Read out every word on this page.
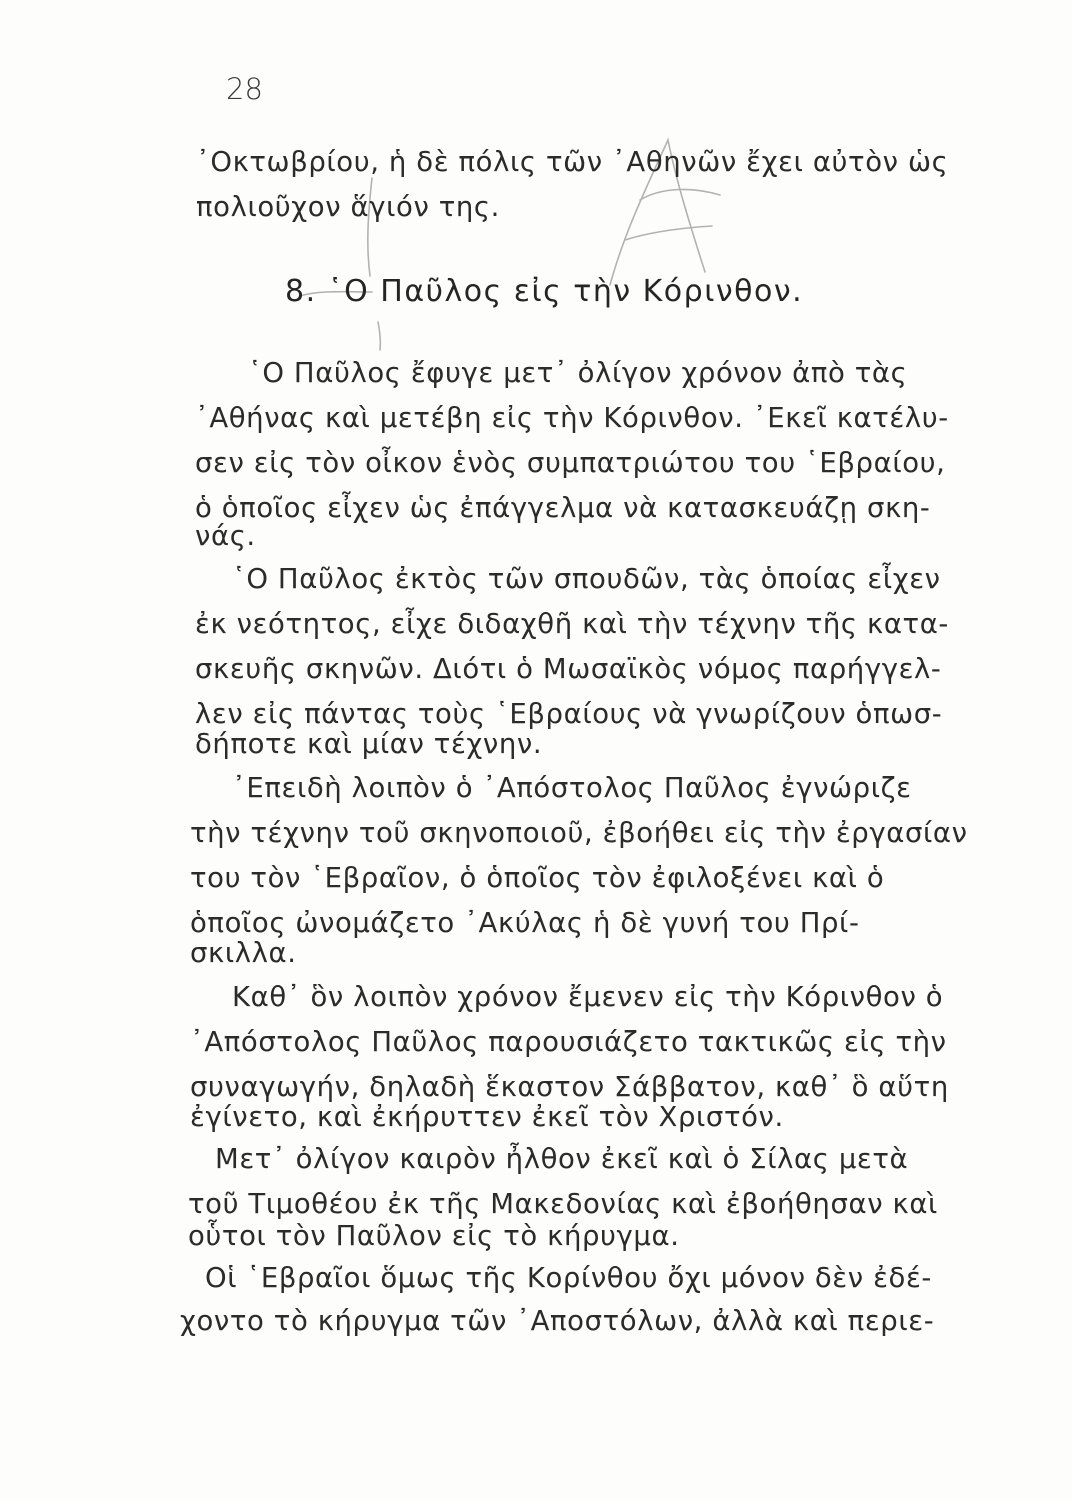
28
᾿Οκτωβρίου, ἡ δὲ πόλις τῶν ᾿Αθηνῶν ἔχει αὐτὸν ὡς
πολιοῦχον ἅγιόν της.
8. ῾Ο Παῦλος εἰς τὴν Κόρινθον.
῾Ο Παῦλος ἔφυγε μετ᾿ ὀλίγον χρόνον ἀπὸ τὰς
᾿Αθήνας καὶ μετέβη εἰς τὴν Κόρινθον. ᾿Εκεῖ κατέλυ-
σεν εἰς τὸν οἶκον ἑνὸς συμπατριώτου του ῾Εβραίου,
ὁ ὁποῖος εἶχεν ὡς ἐπάγγελμα νὰ κατασκευάζῃ σκη-
νάς.
῾Ο Παῦλος ἐκτὸς τῶν σπουδῶν, τὰς ὁποίας εἶχεν
ἐκ νεότητος, εἶχε διδαχθῆ καὶ τὴν τέχνην τῆς κατα-
σκευῆς σκηνῶν. Διότι ὁ Μωσαϊκὸς νόμος παρήγγελ-
λεν εἰς πάντας τοὺς ῾Εβραίους νὰ γνωρίζουν ὁπωσ-
δήποτε καὶ μίαν τέχνην.
᾿Επειδὴ λοιπὸν ὁ ᾿Απόστολος Παῦλος ἐγνώριζε
τὴν τέχνην τοῦ σκηνοποιοῦ, ἐβοήθει εἰς τὴν ἐργασίαν
του τὸν ῾Εβραῖον, ὁ ὁποῖος τὸν ἐφιλοξένει καὶ ὁ
ὁποῖος ὠνομάζετο ᾿Ακύλας ἡ δὲ γυνή του Πρί-
σκιλλα.
Καθ᾿ ὃν λοιπὸν χρόνον ἔμενεν εἰς τὴν Κόρινθον ὁ
᾿Απόστολος Παῦλος παρουσιάζετο τακτικῶς εἰς τὴν
συναγωγήν, δηλαδὴ ἕκαστον Σάββατον, καθ᾿ ὃ αὕτη
ἐγίνετο, καὶ ἐκήρυττεν ἐκεῖ τὸν Χριστόν.
Μετ᾿ ὀλίγον καιρὸν ἦλθον ἐκεῖ καὶ ὁ Σίλας μετὰ
τοῦ Τιμοθέου ἐκ τῆς Μακεδονίας καὶ ἐβοήθησαν καὶ
οὗτοι τὸν Παῦλον εἰς τὸ κήρυγμα.
Οἱ ῾Εβραῖοι ὅμως τῆς Κορίνθου ὄχι μόνον δὲν ἐδέ-
χοντο τὸ κήρυγμα τῶν ᾿Αποστόλων, ἀλλὰ καὶ περιε-
